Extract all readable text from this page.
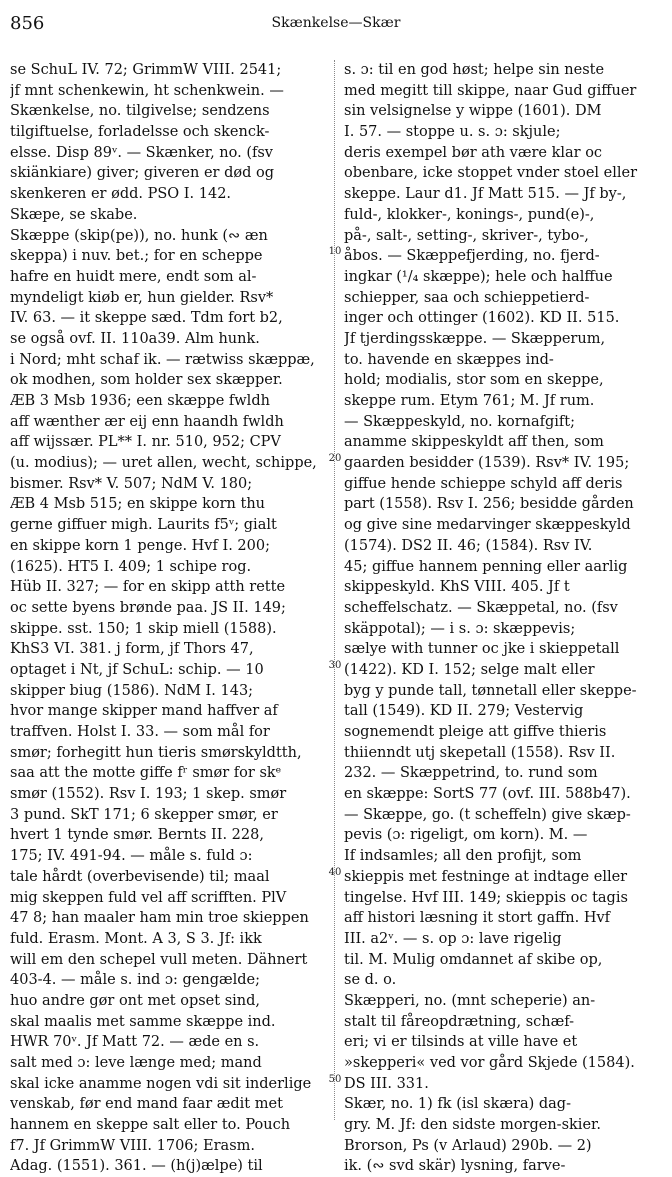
856	Skænkelse—Skær
se SchuL IV. 72; GrimmW VIII. 2541;
jf mnt schenkewin, ht schenkwein. —
Skænkelse, no. tilgivelse; sendzens
tilgiftuelse, forladelsse och skenck-
elsse. Disp 89ᵛ. — Skænker, no. (fsv
skiänkiare) giver; giveren er død og
skenkeren er ødd. PSO I. 142.
Skæpe, se skabe.
Skæppe (skip(pe)), no. hunk (∾ æn
skeppa) i nuv. bet.; for en scheppe
hafre en huidt mere, endt som al-
myndeligt kiøb er, hun gielder. Rsv*
IV. 63. — it skeppe sæd. Tdm fort b2,
se også ovf. II. 110a39. Alm hunk.
i Nord; mht schaf ik. — rætwiss skæppæ,
ok modhen, som holder sex skæpper.
ÆB 3 Msb 1936; een skæppe fwldh
aff wænther ær eij enn haandh fwldh
aff wijssær. PL** I. nr. 510, 952; CPV
(u. modius); — uret allen, wecht, schippe,
bismer. Rsv* V. 507; NdM V. 180;
ÆB 4 Msb 515; en skippe korn thu
gerne giffuer migh. Laurits f5ᵛ; gialt
en skippe korn 1 penge. Hvf I. 200;
(1625). HT5 I. 409; 1 schipe rog.
Hüb II. 327; — for en skipp atth rette
oc sette byens brønde paa. JS II. 149;
skippe. sst. 150; 1 skip miell (1588).
KhS3 VI. 381. j form, jf Thors 47,
optaget i Nt, jf SchuL: schip. — 10
skipper biug (1586). NdM I. 143;
hvor mange skipper mand haffver af
traffven. Holst I. 33. — som mål for
smør; forhegitt hun tieris smørskyldtth,
saa att the motte giffe fʳ smør for skᵉ
smør (1552). Rsv I. 193; 1 skep. smør
3 pund. SkT 171; 6 skepper smør, er
hvert 1 tynde smør. Bernts II. 228,
175; IV. 491-94. — måle s. fuld ɔ:
tale hårdt (overbevisende) til; maal
mig skeppen fuld vel aff scrifften. PlV
47 8; han maaler ham min troe skieppen
fuld. Erasm. Mont. A 3, S 3. Jf: ikk
will em den schepel vull meten. Dähnert
403-4. — måle s. ind ɔ: gengælde;
huo andre gør ont met opset sind,
skal maalis met samme skæppe ind.
HWR 70ᵛ. Jf Matt 72. — æde en s.
salt med ɔ: leve længe med; mand
skal icke anamme nogen vdi sit inderlige
venskab, før end mand faar ædit met
hannem en skeppe salt eller to. Pouch
f7. Jf GrimmW VIII. 1706; Erasm.
Adag. (1551). 361. — (h(j)ælpe) til
s. ɔ: til en god høst; helpe sin neste
med megitt till skippe, naar Gud giffuer
sin velsignelse y wippe (1601). DM
I. 57. — stoppe u. s. ɔ: skjule;
deris exempel bør ath være klar oc
obenbare, icke stoppet vnder stoel eller
skeppe. Laur d1. Jf Matt 515. — Jf by-,
fuld-, klokker-, konings-, pund(e)-,
på-, salt-, setting-, skriver-, tybo-,
åbos. — Skæppefjerding, no. fjerd-
ingkar (¹/₄ skæppe); hele och halffue
schiepper, saa och schieppetierd-
inger och ottinger (1602). KD II. 515.
Jf tjerdingsskæppe. — Skæpperum,
to. havende en skæppes ind-
hold; modialis, stor som en skeppe,
skeppe rum. Etym 761; M. Jf rum.
— Skæppeskyld, no. kornafgift;
anamme skippeskyldt aff then, som
gaarden besidder (1539). Rsv* IV. 195;
giffue hende schieppe schyld aff deris
part (1558). Rsv I. 256; besidde gården
og give sine medarvinger skæppeskyld
(1574). DS2 II. 46; (1584). Rsv IV.
45; giffue hannem penning eller aarlig
skippeskyld. KhS VIII. 405. Jf t
scheffelschatz. — Skæppetal, no. (fsv
skäppotal); — i s. ɔ: skæppevis;
sælye with tunner oc jke i skieppetall
(1422). KD I. 152; selge malt eller
byg y punde tall, tønnetall eller skeppe-
tall (1549). KD II. 279; Vestervig
sognemendt pleige att giffve thieris
thiienndt utj skepetall (1558). Rsv II.
232. — Skæppetrind, to. rund som
en skæppe: SortS 77 (ovf. III. 588b47).
— Skæppe, go. (t scheffeln) give skæp-
pevis (ɔ: rigeligt, om korn). M. —
If indsamles; all den profijt, som
skieppis met festninge at indtage eller
tingelse. Hvf III. 149; skieppis oc tagis
aff histori læsning it stort gaffn. Hvf
III. a2ᵛ. — s. op ɔ: lave rigelig
til. M. Mulig omdannet af skibe op,
se d. o.
Skæpperi, no. (mnt scheperie) an-
stalt til fåreopdrætning, schæf-
eri; vi er tilsinds at ville have et
»skepperi« ved vor gård Skjede (1584).
DS III. 331.
Skær, no. 1) fk (isl skæra) dag-
gry. M. Jf: den sidste morgen-skier.
Brorson, Ps (v Arlaud) 290b. — 2)
ik. (∾ svd skär) lysning, farve-
10
20
30
40
50
